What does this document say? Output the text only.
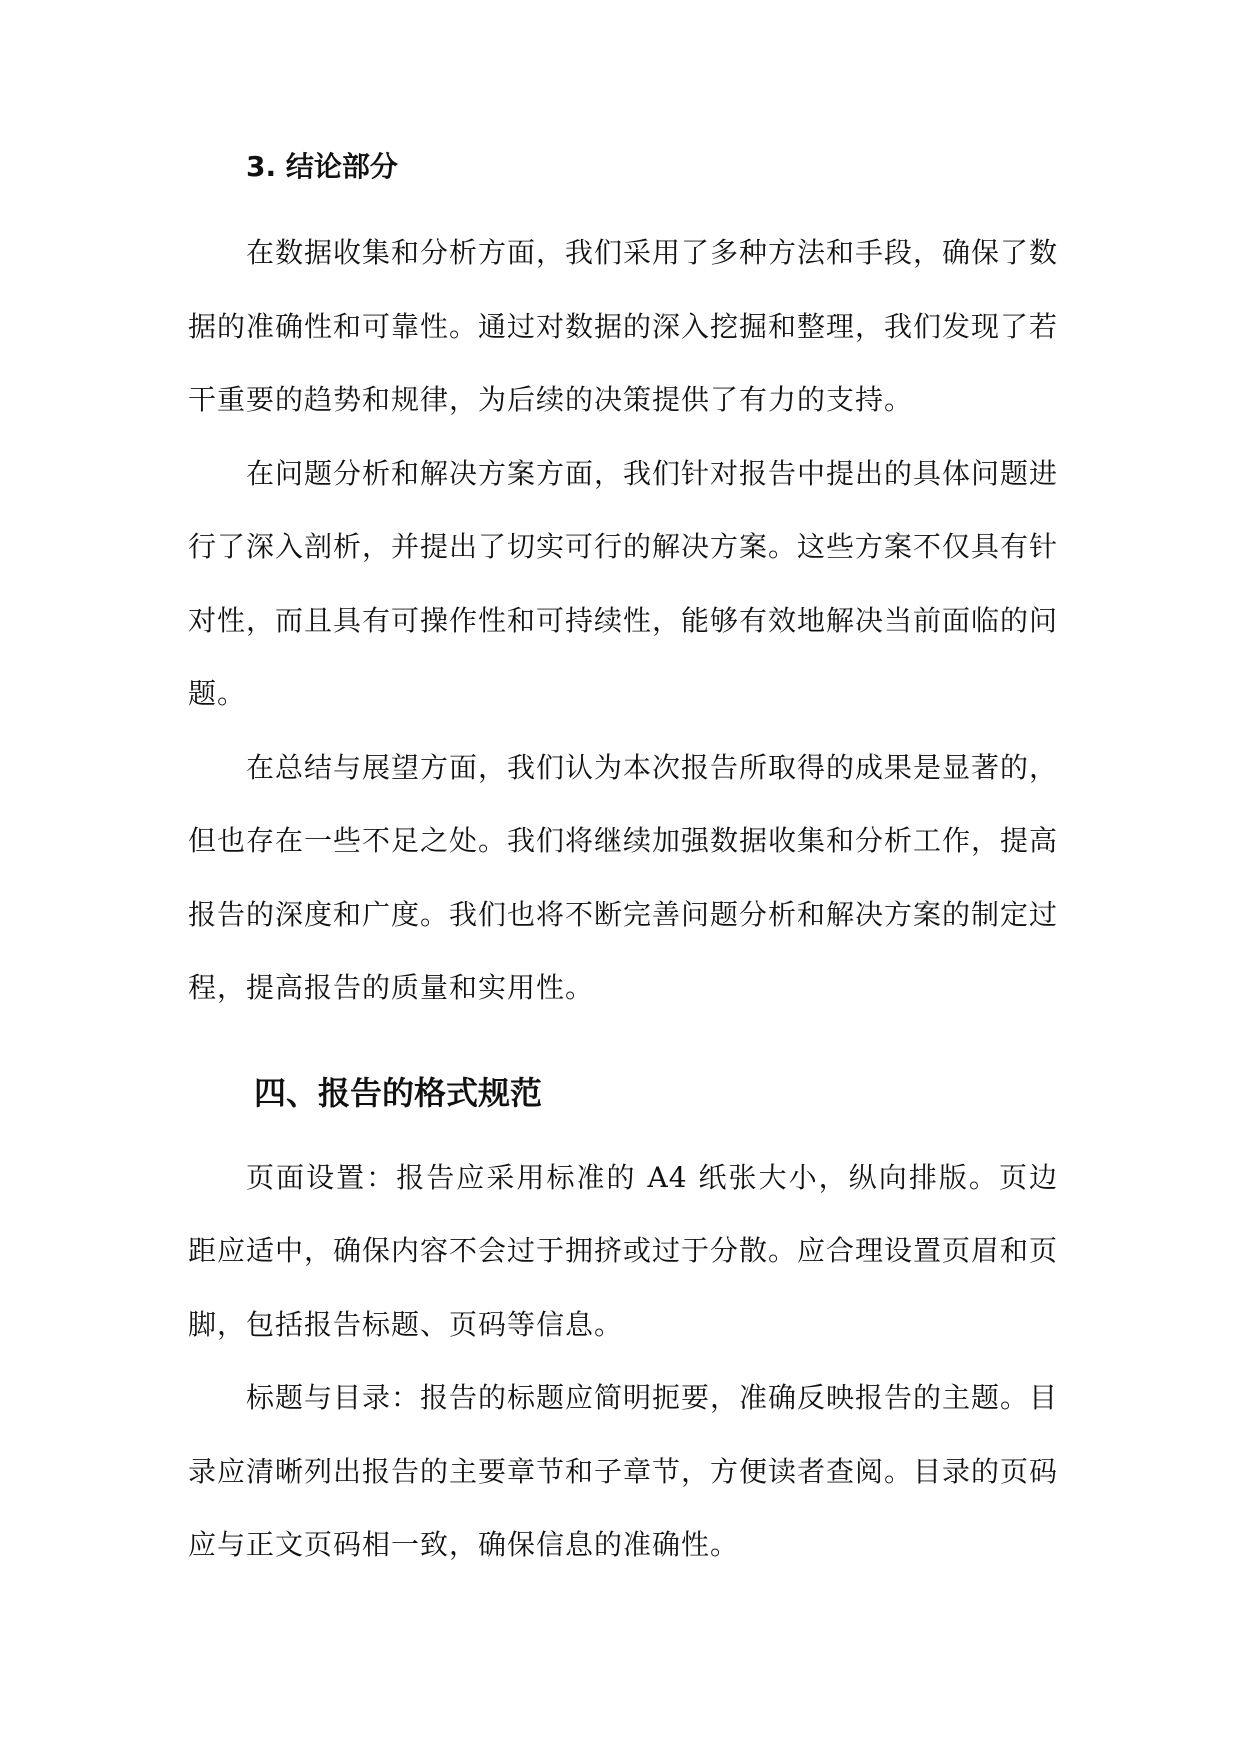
3. 结论部分

在数据收集和分析方面，我们采用了多种方法和手段，确保了数据的准确性和可靠性。通过对数据的深入挖掘和整理，我们发现了若干重要的趋势和规律，为后续的决策提供了有力的支持。

在问题分析和解决方案方面，我们针对报告中提出的具体问题进行了深入剖析，并提出了切实可行的解决方案。这些方案不仅具有针对性，而且具有可操作性和可持续性，能够有效地解决当前面临的问题。

在总结与展望方面，我们认为本次报告所取得的成果是显著的，但也存在一些不足之处。我们将继续加强数据收集和分析工作，提高报告的深度和广度。我们也将不断完善问题分析和解决方案的制定过程，提高报告的质量和实用性。

四、报告的格式规范

页面设置：报告应采用标准的 A4 纸张大小，纵向排版。页边距应适中，确保内容不会过于拥挤或过于分散。应合理设置页眉和页脚，包括报告标题、页码等信息。

标题与目录：报告的标题应简明扼要，准确反映报告的主题。目录应清晰列出报告的主要章节和子章节，方便读者查阅。目录的页码应与正文页码相一致，确保信息的准确性。
